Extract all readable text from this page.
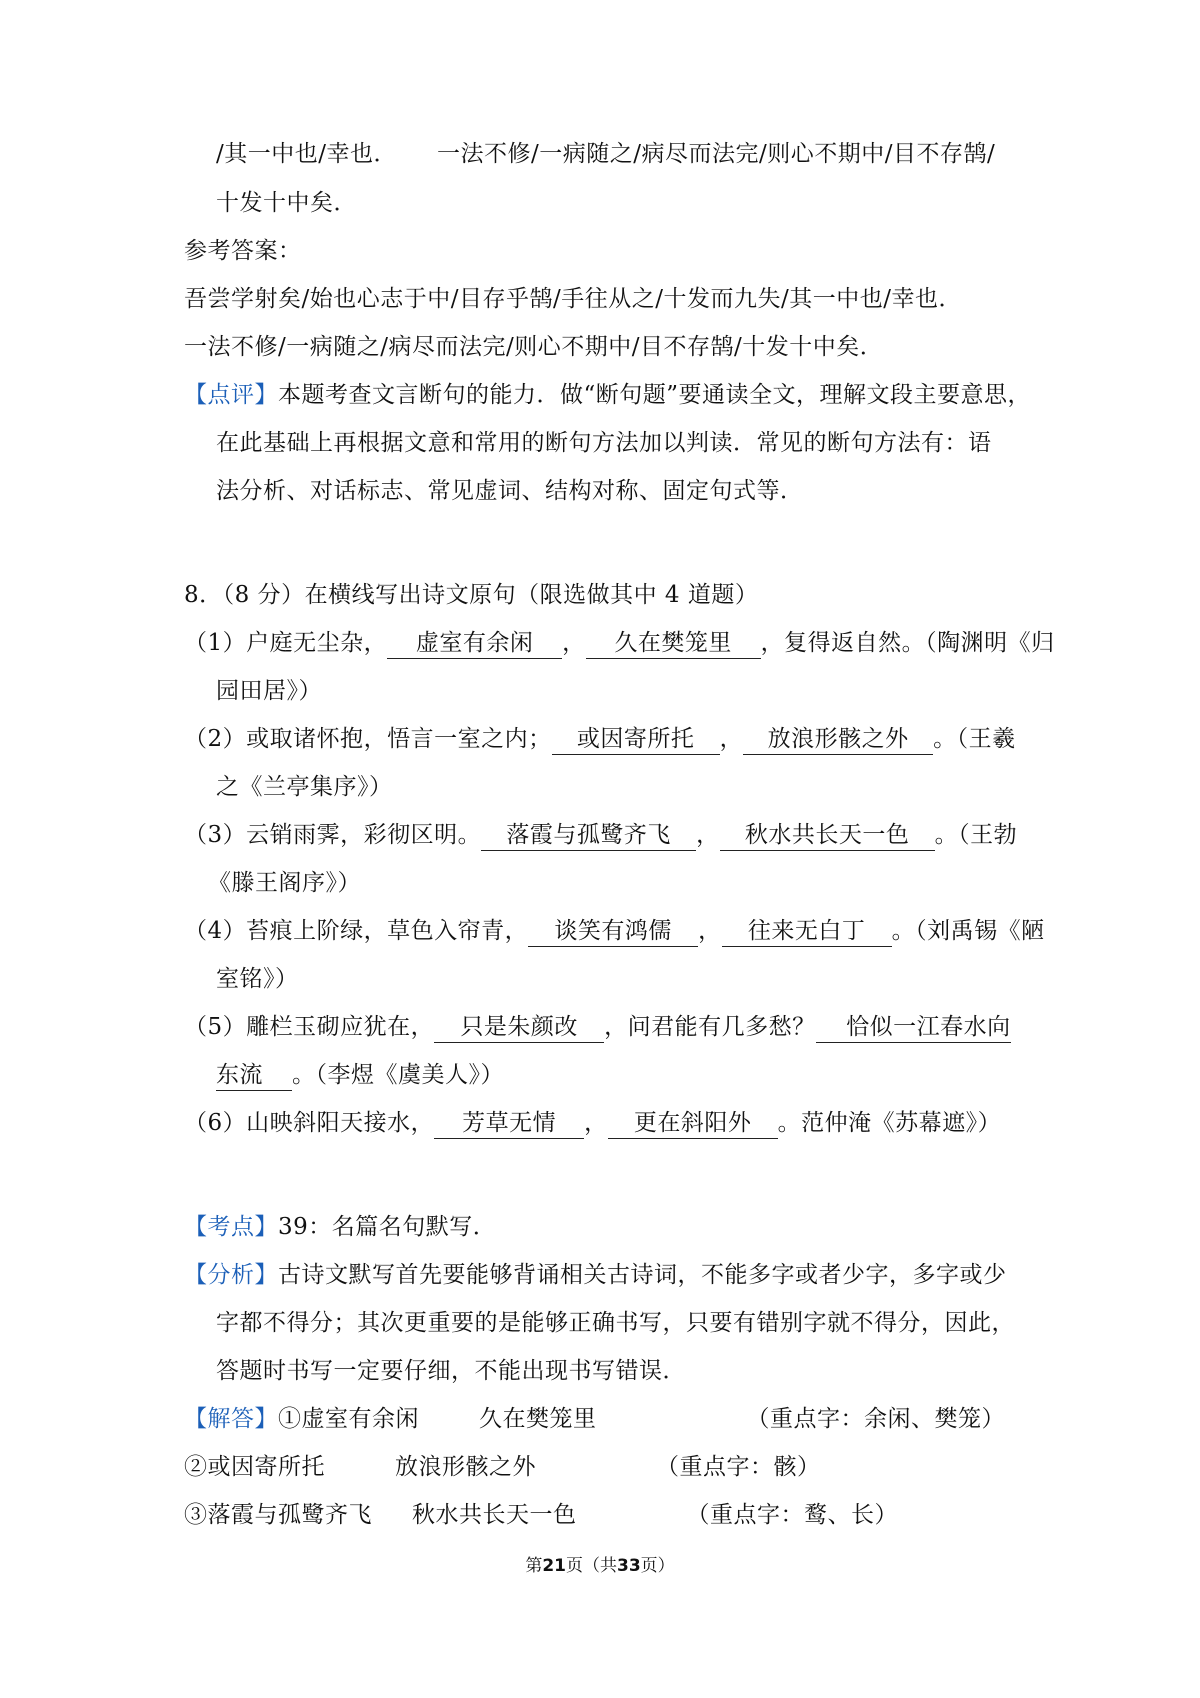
/其一中也/幸也． 一法不修/一病随之/病尽而法完/则心不期中/目不存鹄/
十发十中矣．
参考答案：
吾尝学射矣/始也心志于中/目存乎鹄/手往从之/十发而九失/其一中也/幸也．
一法不修/一病随之/病尽而法完/则心不期中/目不存鹄/十发十中矣．
【点评】本题考查文言断句的能力．做“断句题”要通读全文，理解文段主要意思，
在此基础上再根据文意和常用的断句方法加以判读．常见的断句方法有：语
法分析、对话标志、常见虚词、结构对称、固定句式等．
8．（8 分）在横线写出诗文原句（限选做其中 4 道题）
（1）户庭无尘杂， 虚室有余闲 ， 久在樊笼里 ，复得返自然。（陶渊明《归
园田居》）
（2）或取诸怀抱，悟言一室之内； 或因寄所托 ， 放浪形骸之外 。（王羲
之《兰亭集序》）
（3）云销雨霁，彩彻区明。 落霞与孤鹭齐飞 ， 秋水共长天一色 。（王勃
《滕王阁序》）
（4）苔痕上阶绿，草色入帘青， 谈笑有鸿儒 ， 往来无白丁 。（刘禹锡《陋
室铭》）
（5）雕栏玉砌应犹在， 只是朱颜改 ，问君能有几多愁？ 恰似一江春水向
东流 。（李煜《虞美人》）
（6）山映斜阳天接水， 芳草无情 ， 更在斜阳外 。范仲淹《苏幕遮》）
【考点】39：名篇名句默写．
【分析】古诗文默写首先要能够背诵相关古诗词，不能多字或者少字，多字或少
字都不得分；其次更重要的是能够正确书写，只要有错别字就不得分，因此，
答题时书写一定要仔细，不能出现书写错误．
【解答】①虚室有余闲	久在樊笼里	（重点字：余闲、樊笼）
②或因寄所托	放浪形骸之外	（重点字：骸）
③落霞与孤鹭齐飞 秋水共长天一色	（重点字：鹜、长）
第21页（共33页）
